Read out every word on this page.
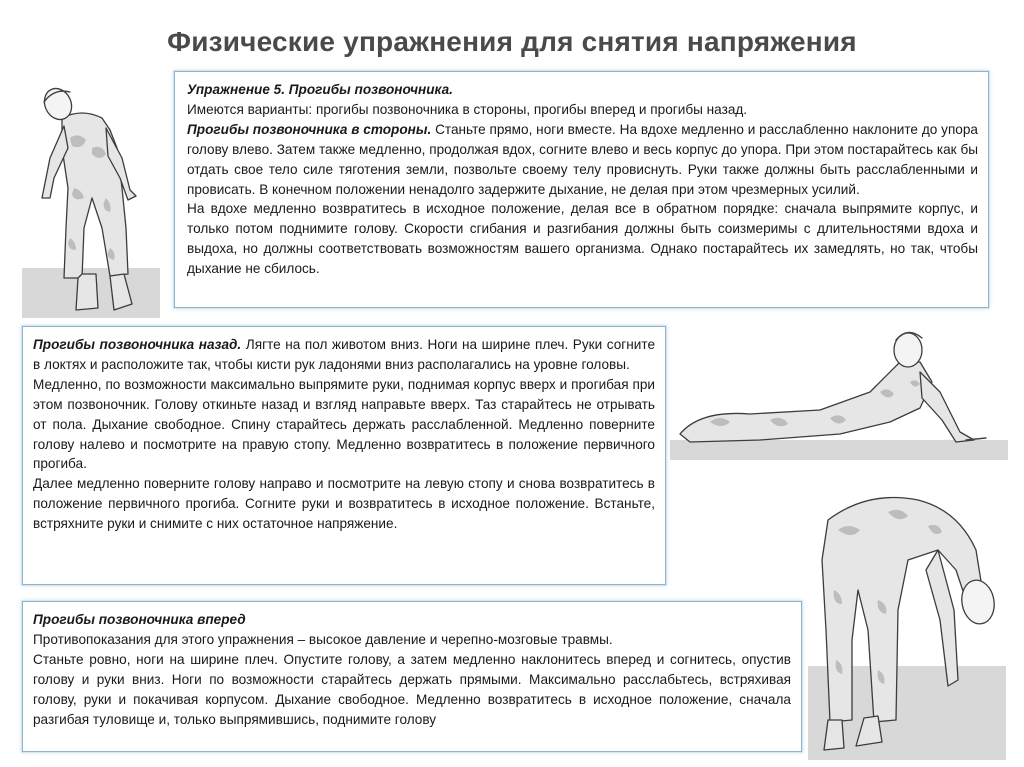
Физические упражнения для снятия напряжения

Упражнение 5. Прогибы позвоночника.

Имеются варианты: прогибы позвоночника в стороны, прогибы вперед и прогибы назад.

Прогибы позвоночника в стороны. Станьте прямо, ноги вместе. На вдохе медленно и расслабленно наклоните до упора голову влево. Затем также медленно, продолжая вдох, согните влево и весь корпус до упора. При этом постарайтесь как бы отдать свое тело силе тяготения земли, позвольте своему телу провиснуть. Руки также должны быть расслабленными и провисать. В конечном положении ненадолго задержите дыхание, не делая при этом чрезмерных усилий.

На вдохе медленно возвратитесь в исходное положение, делая все в обратном порядке: сначала выпрямите корпус, и только потом поднимите голову. Скорости сгибания и разгибания должны быть соизмеримы с длительностями вдоха и выдоха, но должны соответствовать возможностям вашего организма. Однако постарайтесь их замедлять, но так, чтобы дыхание не сбилось.

Прогибы позвоночника назад. Лягте на пол животом вниз. Ноги на ширине плеч. Руки согните в локтях и расположите так, чтобы кисти рук ладонями вниз располагались на уровне головы.

Медленно, по возможности максимально выпрямите руки, поднимая корпус вверх и прогибая при этом позвоночник. Голову откиньте назад и взгляд направьте вверх. Таз старайтесь не отрывать от пола. Дыхание свободное. Спину старайтесь держать расслабленной. Медленно поверните голову налево и посмотрите на правую стопу. Медленно возвратитесь в положение первичного прогиба.

Далее медленно поверните голову направо и посмотрите на левую стопу и снова возвратитесь в положение первичного прогиба. Согните руки и возвратитесь в исходное положение. Встаньте, встряхните руки и снимите с них остаточное напряжение.

Прогибы позвоночника вперед

Противопоказания для этого упражнения – высокое давление и черепно-мозговые травмы.

Станьте ровно, ноги на ширине плеч. Опустите голову, а затем медленно наклонитесь вперед и согнитесь, опустив голову и руки вниз. Ноги по возможности старайтесь держать прямыми. Максимально расслабьтесь, встряхивая голову, руки и покачивая корпусом. Дыхание свободное. Медленно возвратитесь в исходное положение, сначала разгибая туловище и, только выпрямившись, поднимите голову
